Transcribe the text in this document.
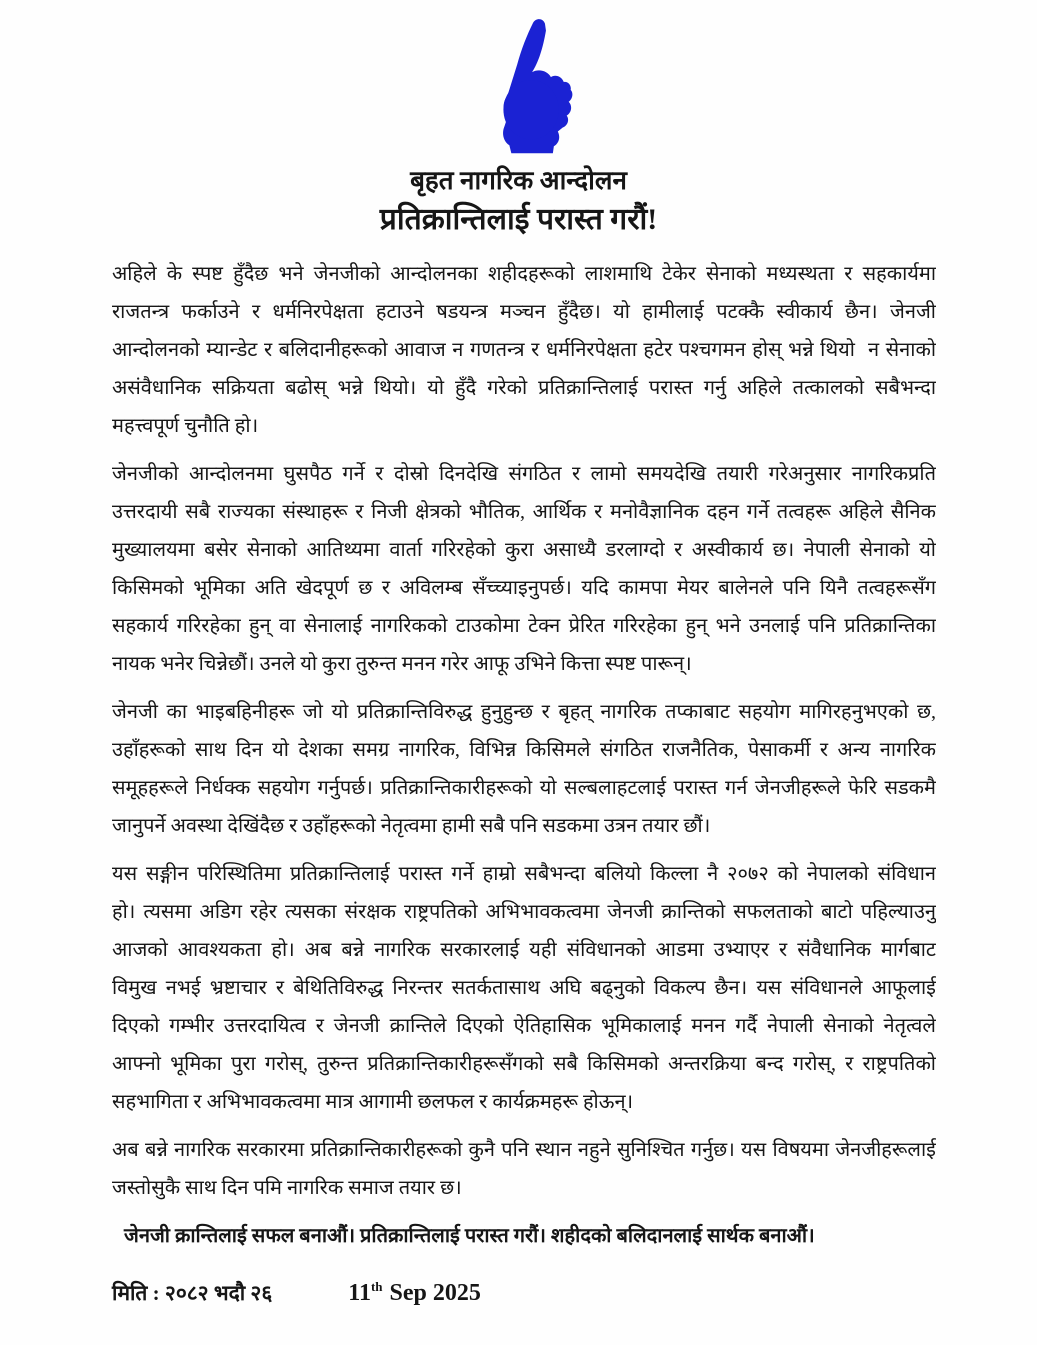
बृहत नागरिक आन्दोलन
प्रतिक्रान्तिलाई परास्त गरौं!
अहिले के स्पष्ट हुँदैछ भने जेनजीको आन्दोलनका शहीदहरूको लाशमाथि टेकेर सेनाको मध्यस्थता र सहकार्यमा
राजतन्त्र फर्काउने र धर्मनिरपेक्षता हटाउने षडयन्त्र मञ्चन हुँदैछ। यो हामीलाई पटक्कै स्वीकार्य छैन। जेनजी
आन्दोलनको म्यान्डेट र बलिदानीहरूको आवाज न गणतन्त्र र धर्मनिरपेक्षता हटेर पश्चगमन होस् भन्ने थियो  न सेनाको
असंवैधानिक सक्रियता बढोस् भन्ने थियो। यो हुँदै गरेको प्रतिक्रान्तिलाई परास्त गर्नु अहिले तत्कालको सबैभन्दा
महत्त्वपूर्ण चुनौति हो।
जेनजीको आन्दोलनमा घुसपैठ गर्ने र दोस्रो दिनदेखि संगठित र लामो समयदेखि तयारी गरेअनुसार नागरिकप्रति
उत्तरदायी सबै राज्यका संस्थाहरू र निजी क्षेत्रको भौतिक, आर्थिक र मनोवैज्ञानिक दहन गर्ने तत्वहरू अहिले सैनिक
मुख्यालयमा बसेर सेनाको आतिथ्यमा वार्ता गरिरहेको कुरा असाध्यै डरलाग्दो र अस्वीकार्य छ। नेपाली सेनाको यो
किसिमको भूमिका अति खेदपूर्ण छ र अविलम्ब सँच्च्याइनुपर्छ। यदि कामपा मेयर बालेनले पनि यिनै तत्वहरूसँग
सहकार्य गरिरहेका हुन् वा सेनालाई नागरिकको टाउकोमा टेक्न प्रेरित गरिरहेका हुन् भने उनलाई पनि प्रतिक्रान्तिका
नायक भनेर चिन्नेछौं। उनले यो कुरा तुरुन्त मनन गरेर आफू उभिने कित्ता स्पष्ट पारून्।
जेनजी का भाइबहिनीहरू जो यो प्रतिक्रान्तिविरुद्ध हुनुहुन्छ र बृहत् नागरिक तप्काबाट सहयोग मागिरहनुभएको छ,
उहाँहरूको साथ दिन यो देशका समग्र नागरिक, विभिन्न किसिमले संगठित राजनैतिक, पेसाकर्मी र अन्य नागरिक
समूहहरूले निर्धक्क सहयोग गर्नुपर्छ। प्रतिक्रान्तिकारीहरूको यो सल्बलाहटलाई परास्त गर्न जेनजीहरूले फेरि सडकमै
जानुपर्ने अवस्था देखिंदैछ र उहाँहरूको नेतृत्वमा हामी सबै पनि सडकमा उत्रन तयार छौं।
यस सङ्गीन परिस्थितिमा प्रतिक्रान्तिलाई परास्त गर्ने हाम्रो सबैभन्दा बलियो किल्ला नै २०७२ को नेपालको संविधान
हो। त्यसमा अडिग रहेर त्यसका संरक्षक राष्ट्रपतिको अभिभावकत्वमा जेनजी क्रान्तिको सफलताको बाटो पहिल्याउनु
आजको आवश्यकता हो। अब बन्ने नागरिक सरकारलाई यही संविधानको आडमा उभ्याएर र संवैधानिक मार्गबाट
विमुख नभई भ्रष्टाचार र बेथितिविरुद्ध निरन्तर सतर्कतासाथ अघि बढ्नुको विकल्प छैन। यस संविधानले आफूलाई
दिएको गम्भीर उत्तरदायित्व र जेनजी क्रान्तिले दिएको ऐतिहासिक भूमिकालाई मनन गर्दै नेपाली सेनाको नेतृत्वले
आफ्नो भूमिका पुरा गरोस्, तुरुन्त प्रतिक्रान्तिकारीहरूसँगको सबै किसिमको अन्तरक्रिया बन्द गरोस्, र राष्ट्रपतिको
सहभागिता र अभिभावकत्वमा मात्र आगामी छलफल र कार्यक्रमहरू होऊन्।
अब बन्ने नागरिक सरकारमा प्रतिक्रान्तिकारीहरूको कुनै पनि स्थान नहुने सुनिश्चित गर्नुछ। यस विषयमा जेनजीहरूलाई
जस्तोसुकै साथ दिन पमि नागरिक समाज तयार छ।
जेनजी क्रान्तिलाई सफल बनाऔं। प्रतिक्रान्तिलाई परास्त गरौं। शहीदको बलिदानलाई सार्थक बनाऔं।
मिति : २०८२ भदौ २६	11th Sep 2025
